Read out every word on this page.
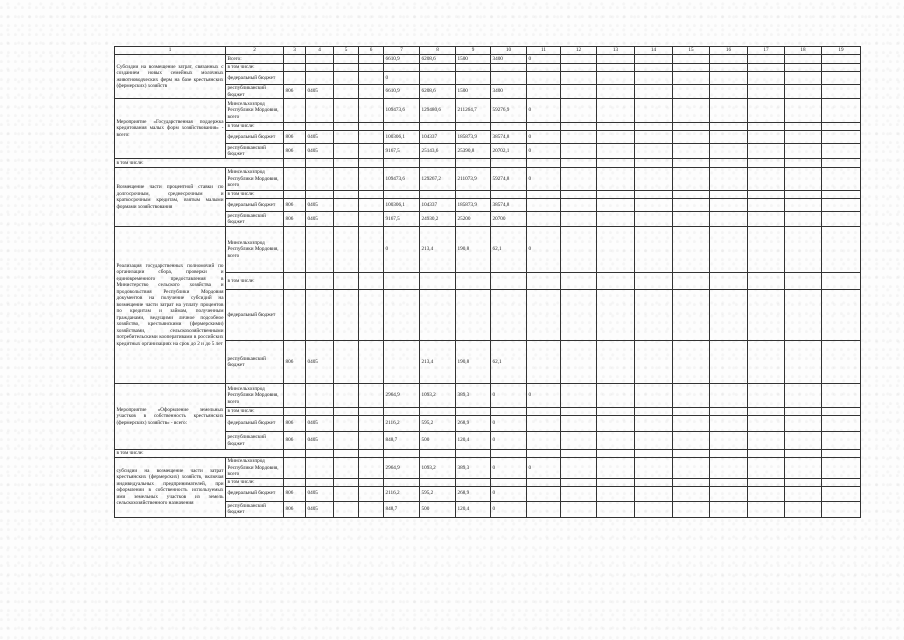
1	2	3	4	5	6	7	8	9	10	11	12	13	14	15	16	17	18	19
Субсидии на возмещение затрат, связанных с созданием новых семейных молочных животноводческих ферм на базе крестьянских (фермерских) хозяйств	Всего:					6610,9	6208,6	1500	3400	0								
	в том числе:																	
	федеральный бюджет					0												
	республиканский бюджет	806	0405			6610,9	6208,6	1500	3400									
Мероприятие «Государственная поддержка кредитования малых форм хозяйствования» - всего:	Минсельхозпрод Республики Мордовия, всего					109473,6	129480,6	211264,7	59276,9	0								
	в том числе:																	
	федеральный бюджет	806	0405			100306,1	104337	185873,9	38574,8	0								
	республиканский бюджет	806	0405			9167,5	25143,6	25390,8	20702,1	0								
в том числе:																		
Возмещение части процентной ставки по долгосрочным, среднесрочным и краткосрочным кредитам, взятым малыми формами хозяйствования	Минсельхозпрод Республики Мордовия, всего					109473,6	129267,2	211073,9	59274,8	0								
	в том числе:																	
	федеральный бюджет	806	0405			100306,1	104337	185873,9	38574,8									
	республиканский бюджет	806	0405			9167,5	24930,2	25200	20700									
Реализация государственных полномочий по организации сбора, проверки и единовременного предоставления в Министерство сельского хозяйства и продовольствия Республики Мордовия документов на получение субсидий на возмещение части затрат на уплату процентов по кредитам и займам, полученным гражданами, ведущими личное подсобное хозяйство, крестьянскими (фермерскими) хозяйствами, сельскохозяйственными потребительскими кооперативами в российских кредитных организациях на срок до 2 и до 5 лет	Минсельхозпрод Республики Мордовия, всего					0	213,4	190,8	62,1	0								
	в том числе:																	
	федеральный бюджет																	
	республиканский бюджет	806	0405				213,4	190,8	62,1									
Мероприятие «Оформление земельных участков в собственность крестьянских (фермерских) хозяйств» - всего:	Минсельхозпрод Республики Мордовия, всего					2964,9	1093,2	389,3	0	0								
	в том числе:																	
	федеральный бюджет	806	0405			2116,2	595,2	268,9	0									
	республиканский бюджет	806	0405			848,7	500	120,4	0									
в том числе:																		
субсидии на возмещение части затрат крестьянских (фермерских) хозяйств, включая индивидуальных предпринимателей, при оформлении в собственность используемых ими земельных участков из земель сельскохозяйственного назначения	Минсельхозпрод Республики Мордовия, всего					2964,9	1093,2	389,3	0	0								
	в том числе:																	
	федеральный бюджет	806	0405			2116,2	595,2	268,9	0									
	республиканский бюджет	806	0405			848,7	500	120,4	0									
